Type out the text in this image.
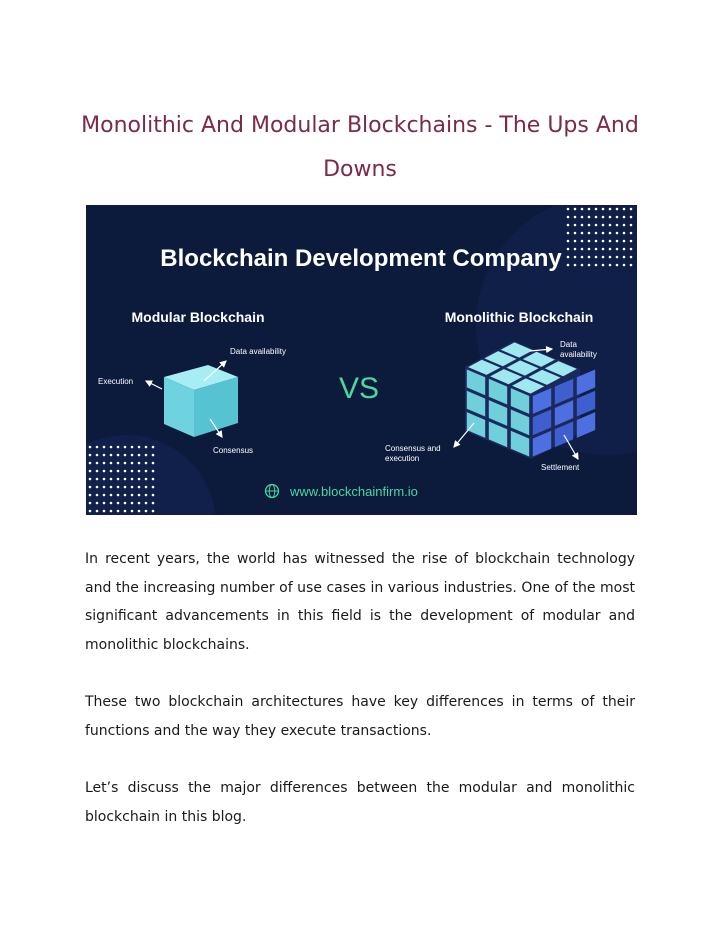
Monolithic And Modular Blockchains - The Ups And Downs
Blockchain Development Company
Modular Blockchain	Monolithic Blockchain
VS
Data availability
Execution
Consensus
Data
availability
Consensus and
execution
Settlement
www.blockchainfirm.io

In recent years, the world has witnessed the rise of blockchain technology and the increasing number of use cases in various industries. One of the most significant advancements in this field is the development of modular and monolithic blockchains.

These two blockchain architectures have key differences in terms of their functions and the way they execute transactions.

Let’s discuss the major differences between the modular and monolithic blockchain in this blog.
